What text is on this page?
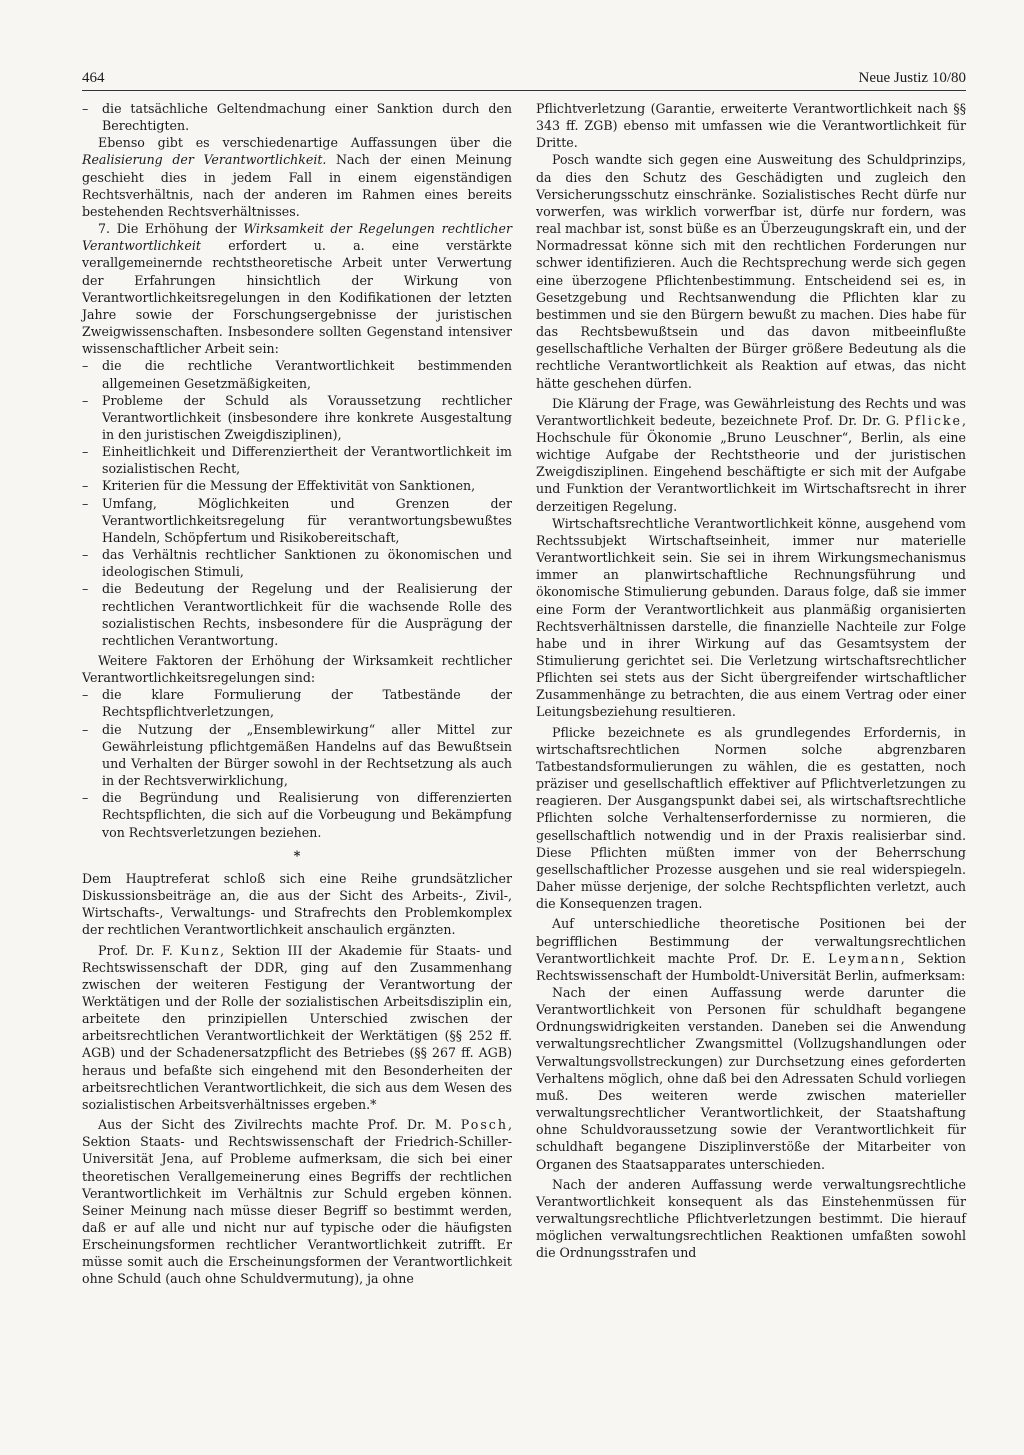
464	Neue Justiz 10/80
– die tatsächliche Geltendmachung einer Sanktion durch den Berechtigten.

Ebenso gibt es verschiedenartige Auffassungen über die Realisierung der Verantwortlichkeit. Nach der einen Meinung geschieht dies in jedem Fall in einem eigenständigen Rechtsverhältnis, nach der anderen im Rahmen eines bereits bestehenden Rechtsverhältnisses.

7. Die Erhöhung der Wirksamkeit der Regelungen rechtlicher Verantwortlichkeit erfordert u. a. eine verstärkte verallgemeinernde rechtstheoretische Arbeit unter Verwertung der Erfahrungen hinsichtlich der Wirkung von Verantwortlichkeitsregelungen in den Kodifikationen der letzten Jahre sowie der Forschungsergebnisse der juristischen Zweigwissenschaften. Insbesondere sollten Gegenstand intensiver wissenschaftlicher Arbeit sein:

– die die rechtliche Verantwortlichkeit bestimmenden allgemeinen Gesetzmäßigkeiten,
– Probleme der Schuld als Voraussetzung rechtlicher Verantwortlichkeit (insbesondere ihre konkrete Ausgestaltung in den juristischen Zweigdisziplinen),
– Einheitlichkeit und Differenziertheit der Verantwortlichkeit im sozialistischen Recht,
– Kriterien für die Messung der Effektivität von Sanktionen,
– Umfang, Möglichkeiten und Grenzen der Verantwortlichkeitsregelung für verantwortungsbewußtes Handeln, Schöpfertum und Risikobereitschaft,
– das Verhältnis rechtlicher Sanktionen zu ökonomischen und ideologischen Stimuli,
– die Bedeutung der Regelung und der Realisierung der rechtlichen Verantwortlichkeit für die wachsende Rolle des sozialistischen Rechts, insbesondere für die Ausprägung der rechtlichen Verantwortung.

Weitere Faktoren der Erhöhung der Wirksamkeit rechtlicher Verantwortlichkeitsregelungen sind:

– die klare Formulierung der Tatbestände der Rechtspflichtverletzungen,
– die Nutzung der „Ensemblewirkung“ aller Mittel zur Gewährleistung pflichtgemäßen Handelns auf das Bewußtsein und Verhalten der Bürger sowohl in der Rechtsetzung als auch in der Rechtsverwirklichung,
– die Begründung und Realisierung von differenzierten Rechtspflichten, die sich auf die Vorbeugung und Bekämpfung von Rechtsverletzungen beziehen.
*

Dem Hauptreferat schloß sich eine Reihe grundsätzlicher Diskussionsbeiträge an, die aus der Sicht des Arbeits-, Zivil-, Wirtschafts-, Verwaltungs- und Strafrechts den Problemkomplex der rechtlichen Verantwortlichkeit anschaulich ergänzten.

Prof. Dr. F. Kunz, Sektion III der Akademie für Staats- und Rechtswissenschaft der DDR, ging auf den Zusammenhang zwischen der weiteren Festigung der Verantwortung der Werktätigen und der Rolle der sozialistischen Arbeitsdisziplin ein, arbeitete den prinzipiellen Unterschied zwischen der arbeitsrechtlichen Verantwortlichkeit der Werktätigen (§§ 252 ff. AGB) und der Schadenersatzpflicht des Betriebes (§§ 267 ff. AGB) heraus und befaßte sich eingehend mit den Besonderheiten der arbeitsrechtlichen Verantwortlichkeit, die sich aus dem Wesen des sozialistischen Arbeitsverhältnisses ergeben.*

Aus der Sicht des Zivilrechts machte Prof. Dr. M. Posch, Sektion Staats- und Rechtswissenschaft der Friedrich-Schiller-Universität Jena, auf Probleme aufmerksam, die sich bei einer theoretischen Verallgemeinerung eines Begriffs der rechtlichen Verantwortlichkeit im Verhältnis zur Schuld ergeben können. Seiner Meinung nach müsse dieser Begriff so bestimmt werden, daß er auf alle und nicht nur auf typische oder die häufigsten Erscheinungsformen rechtlicher Verantwortlichkeit zutrifft. Er müsse somit auch die Erscheinungsformen der Verantwortlichkeit ohne Schuld (auch ohne Schuldvermutung), ja ohne

Pflichtverletzung (Garantie, erweiterte Verantwortlichkeit nach §§ 343 ff. ZGB) ebenso mit umfassen wie die Verantwortlichkeit für Dritte.

Posch wandte sich gegen eine Ausweitung des Schuldprinzips, da dies den Schutz des Geschädigten und zugleich den Versicherungsschutz einschränke. Sozialistisches Recht dürfe nur vorwerfen, was wirklich vorwerfbar ist, dürfe nur fordern, was real machbar ist, sonst büße es an Überzeugungskraft ein, und der Normadressat könne sich mit den rechtlichen Forderungen nur schwer identifizieren. Auch die Rechtsprechung werde sich gegen eine überzogene Pflichtenbestimmung. Entscheidend sei es, in Gesetzgebung und Rechtsanwendung die Pflichten klar zu bestimmen und sie den Bürgern bewußt zu machen. Dies habe für das Rechtsbewußtsein und das davon mitbeeinflußte gesellschaftliche Verhalten der Bürger größere Bedeutung als die rechtliche Verantwortlichkeit als Reaktion auf etwas, das nicht hätte geschehen dürfen.

Die Klärung der Frage, was Gewährleistung des Rechts und was Verantwortlichkeit bedeute, bezeichnete Prof. Dr. Dr. G. Pflicke, Hochschule für Ökonomie „Bruno Leuschner“, Berlin, als eine wichtige Aufgabe der Rechtstheorie und der juristischen Zweigdisziplinen. Eingehend beschäftigte er sich mit der Aufgabe und Funktion der Verantwortlichkeit im Wirtschaftsrecht in ihrer derzeitigen Regelung.

Wirtschaftsrechtliche Verantwortlichkeit könne, ausgehend vom Rechtssubjekt Wirtschaftseinheit, immer nur materielle Verantwortlichkeit sein. Sie sei in ihrem Wirkungsmechanismus immer an planwirtschaftliche Rechnungsführung und ökonomische Stimulierung gebunden. Daraus folge, daß sie immer eine Form der Verantwortlichkeit aus planmäßig organisierten Rechtsverhältnissen darstelle, die finanzielle Nachteile zur Folge habe und in ihrer Wirkung auf das Gesamtsystem der Stimulierung gerichtet sei. Die Verletzung wirtschaftsrechtlicher Pflichten sei stets aus der Sicht übergreifender wirtschaftlicher Zusammenhänge zu betrachten, die aus einem Vertrag oder einer Leitungsbeziehung resultieren.

Pflicke bezeichnete es als grundlegendes Erfordernis, in wirtschaftsrechtlichen Normen solche abgrenzbaren Tatbestandsformulierungen zu wählen, die es gestatten, noch präziser und gesellschaftlich effektiver auf Pflichtverletzungen zu reagieren. Der Ausgangspunkt dabei sei, als wirtschaftsrechtliche Pflichten solche Verhaltenserfordernisse zu normieren, die gesellschaftlich notwendig und in der Praxis realisierbar sind. Diese Pflichten müßten immer von der Beherrschung gesellschaftlicher Prozesse ausgehen und sie real widerspiegeln. Daher müsse derjenige, der solche Rechtspflichten verletzt, auch die Konsequenzen tragen.

Auf unterschiedliche theoretische Positionen bei der begrifflichen Bestimmung der verwaltungsrechtlichen Verantwortlichkeit machte Prof. Dr. E. Leymann, Sektion Rechtswissenschaft der Humboldt-Universität Berlin, aufmerksam:

Nach der einen Auffassung werde darunter die Verantwortlichkeit von Personen für schuldhaft begangene Ordnungswidrigkeiten verstanden. Daneben sei die Anwendung verwaltungsrechtlicher Zwangsmittel (Vollzugshandlungen oder Verwaltungsvollstreckungen) zur Durchsetzung eines geforderten Verhaltens möglich, ohne daß bei den Adressaten Schuld vorliegen muß. Des weiteren werde zwischen materieller verwaltungsrechtlicher Verantwortlichkeit, der Staatshaftung ohne Schuldvoraussetzung sowie der Verantwortlichkeit für schuldhaft begangene Disziplinverstöße der Mitarbeiter von Organen des Staatsapparates unterschieden.

Nach der anderen Auffassung werde verwaltungsrechtliche Verantwortlichkeit konsequent als das Einstehenmüssen für verwaltungsrechtliche Pflichtverletzungen bestimmt. Die hierauf möglichen verwaltungsrechtlichen Reaktionen umfaßten sowohl die Ordnungsstrafen und
